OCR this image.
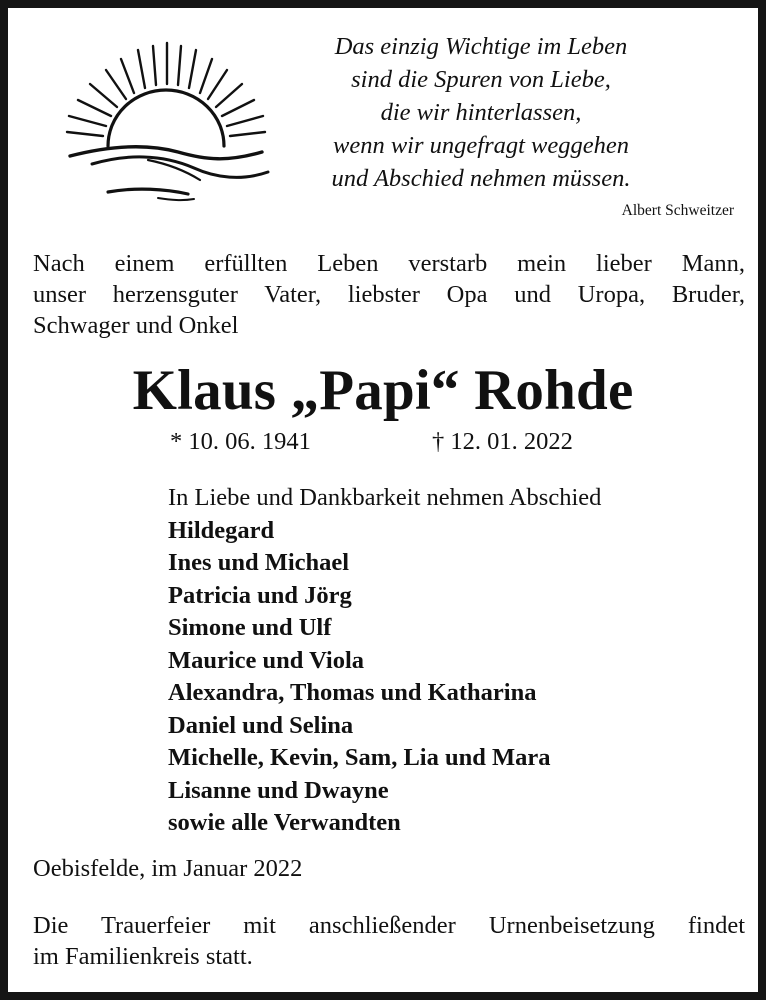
Das einzig Wichtige im Leben
sind die Spuren von Liebe,
die wir hinterlassen,
wenn wir ungefragt weggehen
und Abschied nehmen müssen.
Albert Schweitzer
Nach einem erfüllten Leben verstarb mein lieber Mann,
unser herzensguter Vater, liebster Opa und Uropa, Bruder,
Schwager und Onkel
Klaus „Papi“ Rohde
* 10. 06. 1941	† 12. 01. 2022
In Liebe und Dankbarkeit nehmen Abschied
Hildegard
Ines und Michael
Patricia und Jörg
Simone und Ulf
Maurice und Viola
Alexandra, Thomas und Katharina
Daniel und Selina
Michelle, Kevin, Sam, Lia und Mara
Lisanne und Dwayne
sowie alle Verwandten
Oebisfelde, im Januar 2022
Die Trauerfeier mit anschließender Urnenbeisetzung findet
im Familienkreis statt.
